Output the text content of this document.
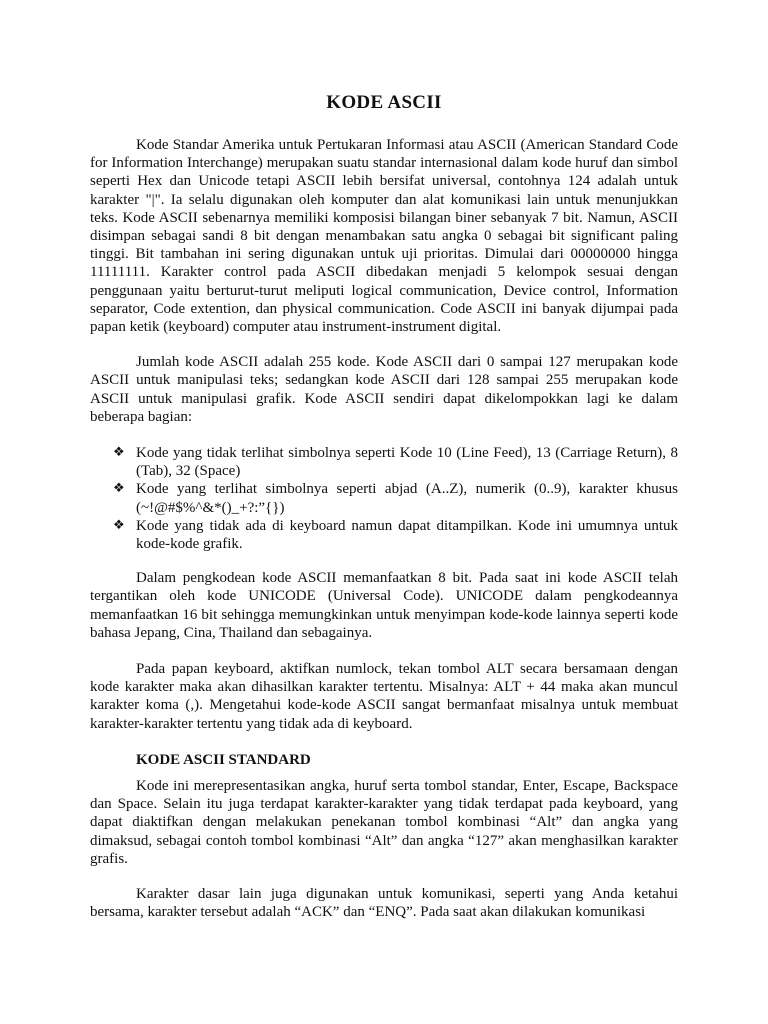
KODE ASCII

Kode Standar Amerika untuk Pertukaran Informasi atau ASCII (American Standard Code for Information Interchange) merupakan suatu standar internasional dalam kode huruf dan simbol seperti Hex dan Unicode tetapi ASCII lebih bersifat universal, contohnya 124 adalah untuk karakter "|". Ia selalu digunakan oleh komputer dan alat komunikasi lain untuk menunjukkan teks. Kode ASCII sebenarnya memiliki komposisi bilangan biner sebanyak 7 bit. Namun, ASCII disimpan sebagai sandi 8 bit dengan menambakan satu angka 0 sebagai bit significant paling tinggi. Bit tambahan ini sering digunakan untuk uji prioritas. Dimulai dari 00000000 hingga 11111111. Karakter control pada ASCII dibedakan menjadi 5 kelompok sesuai dengan penggunaan yaitu berturut-turut meliputi logical communication, Device control, Information separator, Code extention, dan physical communication. Code ASCII ini banyak dijumpai pada papan ketik (keyboard) computer atau instrument-instrument digital.

Jumlah kode ASCII adalah 255 kode. Kode ASCII dari 0 sampai 127 merupakan kode ASCII untuk manipulasi teks; sedangkan kode ASCII dari 128 sampai 255 merupakan kode ASCII untuk manipulasi grafik. Kode ASCII sendiri dapat dikelompokkan lagi ke dalam beberapa bagian:

❖ Kode yang tidak terlihat simbolnya seperti Kode 10 (Line Feed), 13 (Carriage Return), 8 (Tab), 32 (Space)
❖ Kode yang terlihat simbolnya seperti abjad (A..Z), numerik (0..9), karakter khusus (~!@#$%^&*()_+?:”{})
❖ Kode yang tidak ada di keyboard namun dapat ditampilkan. Kode ini umumnya untuk kode-kode grafik.

Dalam pengkodean kode ASCII memanfaatkan 8 bit. Pada saat ini kode ASCII telah tergantikan oleh kode UNICODE (Universal Code). UNICODE dalam pengkodeannya memanfaatkan 16 bit sehingga memungkinkan untuk menyimpan kode-kode lainnya seperti kode bahasa Jepang, Cina, Thailand dan sebagainya.

Pada papan keyboard, aktifkan numlock, tekan tombol ALT secara bersamaan dengan kode karakter maka akan dihasilkan karakter tertentu. Misalnya: ALT + 44 maka akan muncul karakter koma (,). Mengetahui kode-kode ASCII sangat bermanfaat misalnya untuk membuat karakter-karakter tertentu yang tidak ada di keyboard.

KODE ASCII STANDARD

Kode ini merepresentasikan angka, huruf serta tombol standar, Enter, Escape, Backspace dan Space. Selain itu juga terdapat karakter-karakter yang tidak terdapat pada keyboard, yang dapat diaktifkan dengan melakukan penekanan tombol kombinasi “Alt” dan angka yang dimaksud, sebagai contoh tombol kombinasi “Alt” dan angka “127” akan menghasilkan karakter grafis.

Karakter dasar lain juga digunakan untuk komunikasi, seperti yang Anda ketahui bersama, karakter tersebut adalah “ACK” dan “ENQ”. Pada saat akan dilakukan komunikasi
